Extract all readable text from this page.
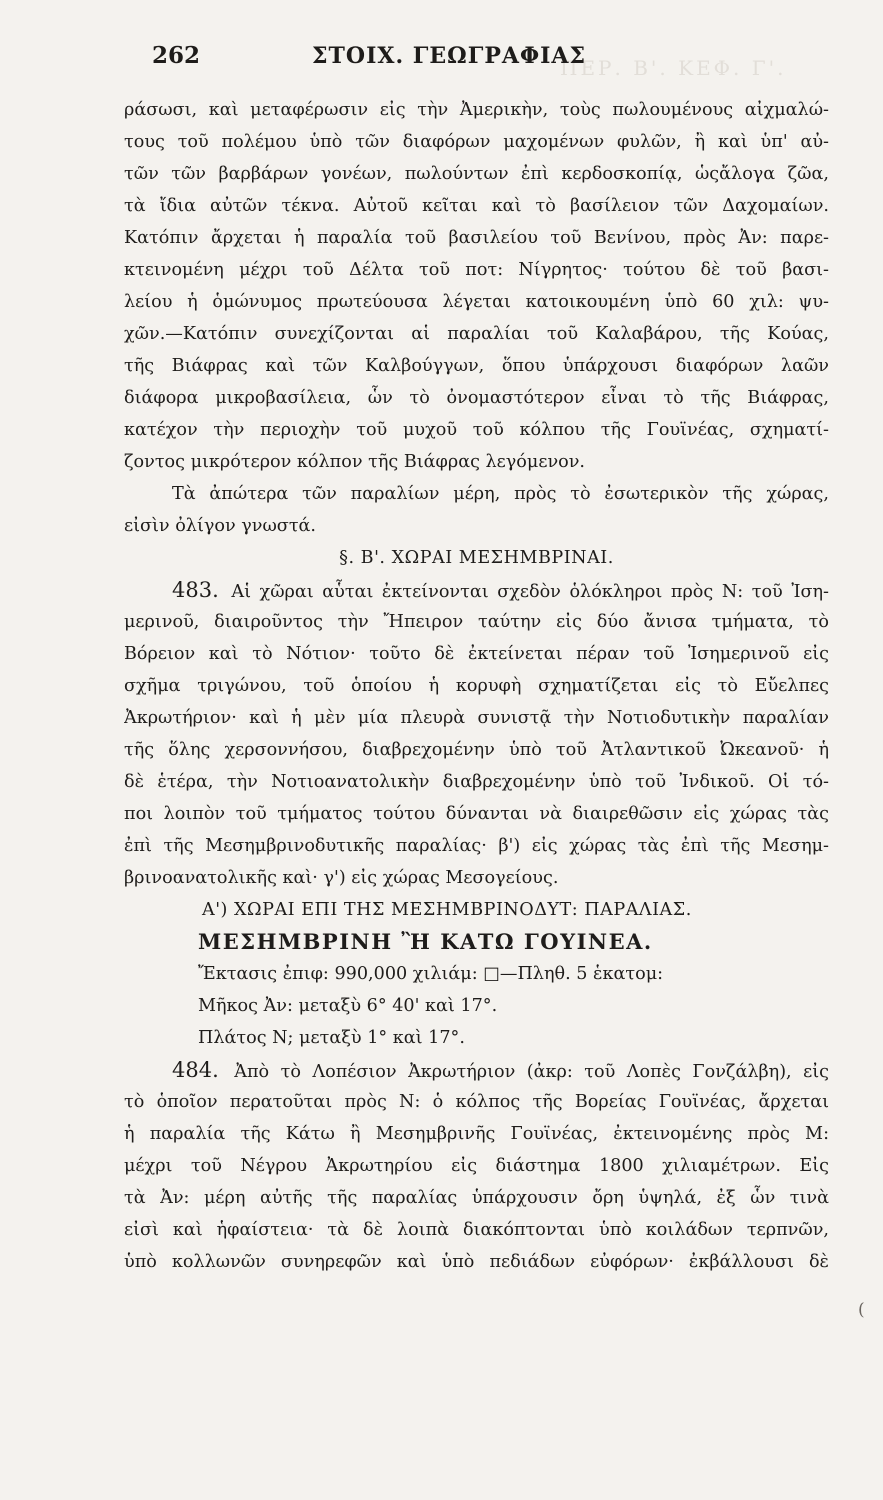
ΠΕΡ. Β'. ΚΕΦ. Γ'.
262	ΣΤΟΙΧ. ΓΕΩΓΡΑΦΙΑΣ
ράσωσι, καὶ μεταφέρωσιν εἰς τὴν Ἀμερικὴν, τοὺς πωλουμένους αἰχμαλώ-
τους τοῦ πολέμου ὑπὸ τῶν διαφόρων μαχομένων φυλῶν, ἢ καὶ ὑπ' αὐ-
τῶν τῶν βαρβάρων γονέων, πωλούντων ἐπὶ κερδοσκοπίᾳ, ὡςἄλογα ζῶα,
τὰ ἴδια αὐτῶν τέκνα. Αὐτοῦ κεῖται καὶ τὸ βασίλειον τῶν Δαχομαίων.
Κατόπιν ἄρχεται ἡ παραλία τοῦ βασιλείου τοῦ Βενίνου, πρὸς Ἀν: παρε-
κτεινομένη μέχρι τοῦ Δέλτα τοῦ ποτ: Νίγρητος· τούτου δὲ τοῦ βασι-
λείου ἡ ὁμώνυμος πρωτεύουσα λέγεται κατοικουμένη ὑπὸ 60 χιλ: ψυ-
χῶν.—Κατόπιν συνεχίζονται αἱ παραλίαι τοῦ Καλαβάρου, τῆς Κούας,
τῆς Βιάφρας καὶ τῶν Καλβούγγων, ὅπου ὑπάρχουσι διαφόρων λαῶν
διάφορα μικροβασίλεια, ὧν τὸ ὀνομαστότερον εἶναι τὸ τῆς Βιάφρας,
κατέχον τὴν περιοχὴν τοῦ μυχοῦ τοῦ κόλπου τῆς Γουϊνέας, σχηματί-
ζοντος μικρότερον κόλπον τῆς Βιάφρας λεγόμενον.
Τὰ ἀπώτερα τῶν παραλίων μέρη, πρὸς τὸ ἐσωτερικὸν τῆς χώρας,
εἰσὶν ὀλίγον γνωστά.
§. Β'. ΧΩΡΑΙ ΜΕΣΗΜΒΡΙΝΑΙ.
483. Αἱ χῶραι αὗται ἐκτείνονται σχεδὸν ὁλόκληροι πρὸς Ν: τοῦ Ἰση-
μερινοῦ, διαιροῦντος τὴν Ἤπειρον ταύτην εἰς δύο ἄνισα τμήματα, τὸ
Βόρειον καὶ τὸ Νότιον· τοῦτο δὲ ἐκτείνεται πέραν τοῦ Ἰσημερινοῦ εἰς
σχῆμα τριγώνου, τοῦ ὁποίου ἡ κορυφὴ σχηματίζεται εἰς τὸ Εὔελπες
Ἀκρωτήριον· καὶ ἡ μὲν μία πλευρὰ συνιστᾷ τὴν Νοτιοδυτικὴν παραλίαν
τῆς ὅλης χερσοννήσου, διαβρεχομένην ὑπὸ τοῦ Ἀτλαντικοῦ Ὠκεανοῦ· ἡ
δὲ ἑτέρα, τὴν Νοτιοανατολικὴν διαβρεχομένην ὑπὸ τοῦ Ἰνδικοῦ. Οἱ τό-
ποι λοιπὸν τοῦ τμήματος τούτου δύνανται νὰ διαιρεθῶσιν εἰς χώρας τὰς
ἐπὶ τῆς Μεσημβρινοδυτικῆς παραλίας· β') εἰς χώρας τὰς ἐπὶ τῆς Μεσημ-
βρινοανατολικῆς καὶ· γ') εἰς χώρας Μεσογείους.
Α') ΧΩΡΑΙ ΕΠΙ ΤΗΣ ΜΕΣΗΜΒΡΙΝΟΔΥΤ: ΠΑΡΑΛΙΑΣ.
ΜΕΣΗΜΒΡΙΝΗ Ἢ ΚΑΤΩ ΓΟΥΙΝΕΑ.
Ἔκτασις ἐπιφ: 990,000 χιλιάμ: □—Πληθ. 5 ἑκατομ:
Μῆκος Ἀν: μεταξὺ 6° 40' καὶ 17°.
Πλάτος Ν; μεταξὺ 1° καὶ 17°.
484. Ἀπὸ τὸ Λοπέσιον Ἀκρωτήριον (ἀκρ: τοῦ Λοπὲς Γονζάλβη), εἰς
τὸ ὁποῖον περατοῦται πρὸς Ν: ὁ κόλπος τῆς Βορείας Γουϊνέας, ἄρχεται
ἡ παραλία τῆς Κάτω ἢ Μεσημβρινῆς Γουϊνέας, ἐκτεινομένης πρὸς Μ:
μέχρι τοῦ Νέγρου Ἀκρωτηρίου εἰς διάστημα 1800 χιλιαμέτρων. Εἰς
τὰ Ἀν: μέρη αὐτῆς τῆς παραλίας ὑπάρχουσιν ὄρη ὑψηλά, ἐξ ὧν τινὰ
εἰσὶ καὶ ἡφαίστεια· τὰ δὲ λοιπὰ διακόπτονται ὑπὸ κοιλάδων τερπνῶν,
ὑπὸ κολλωνῶν συνηρεφῶν καὶ ὑπὸ πεδιάδων εὐφόρων· ἐκβάλλουσι δὲ
(
